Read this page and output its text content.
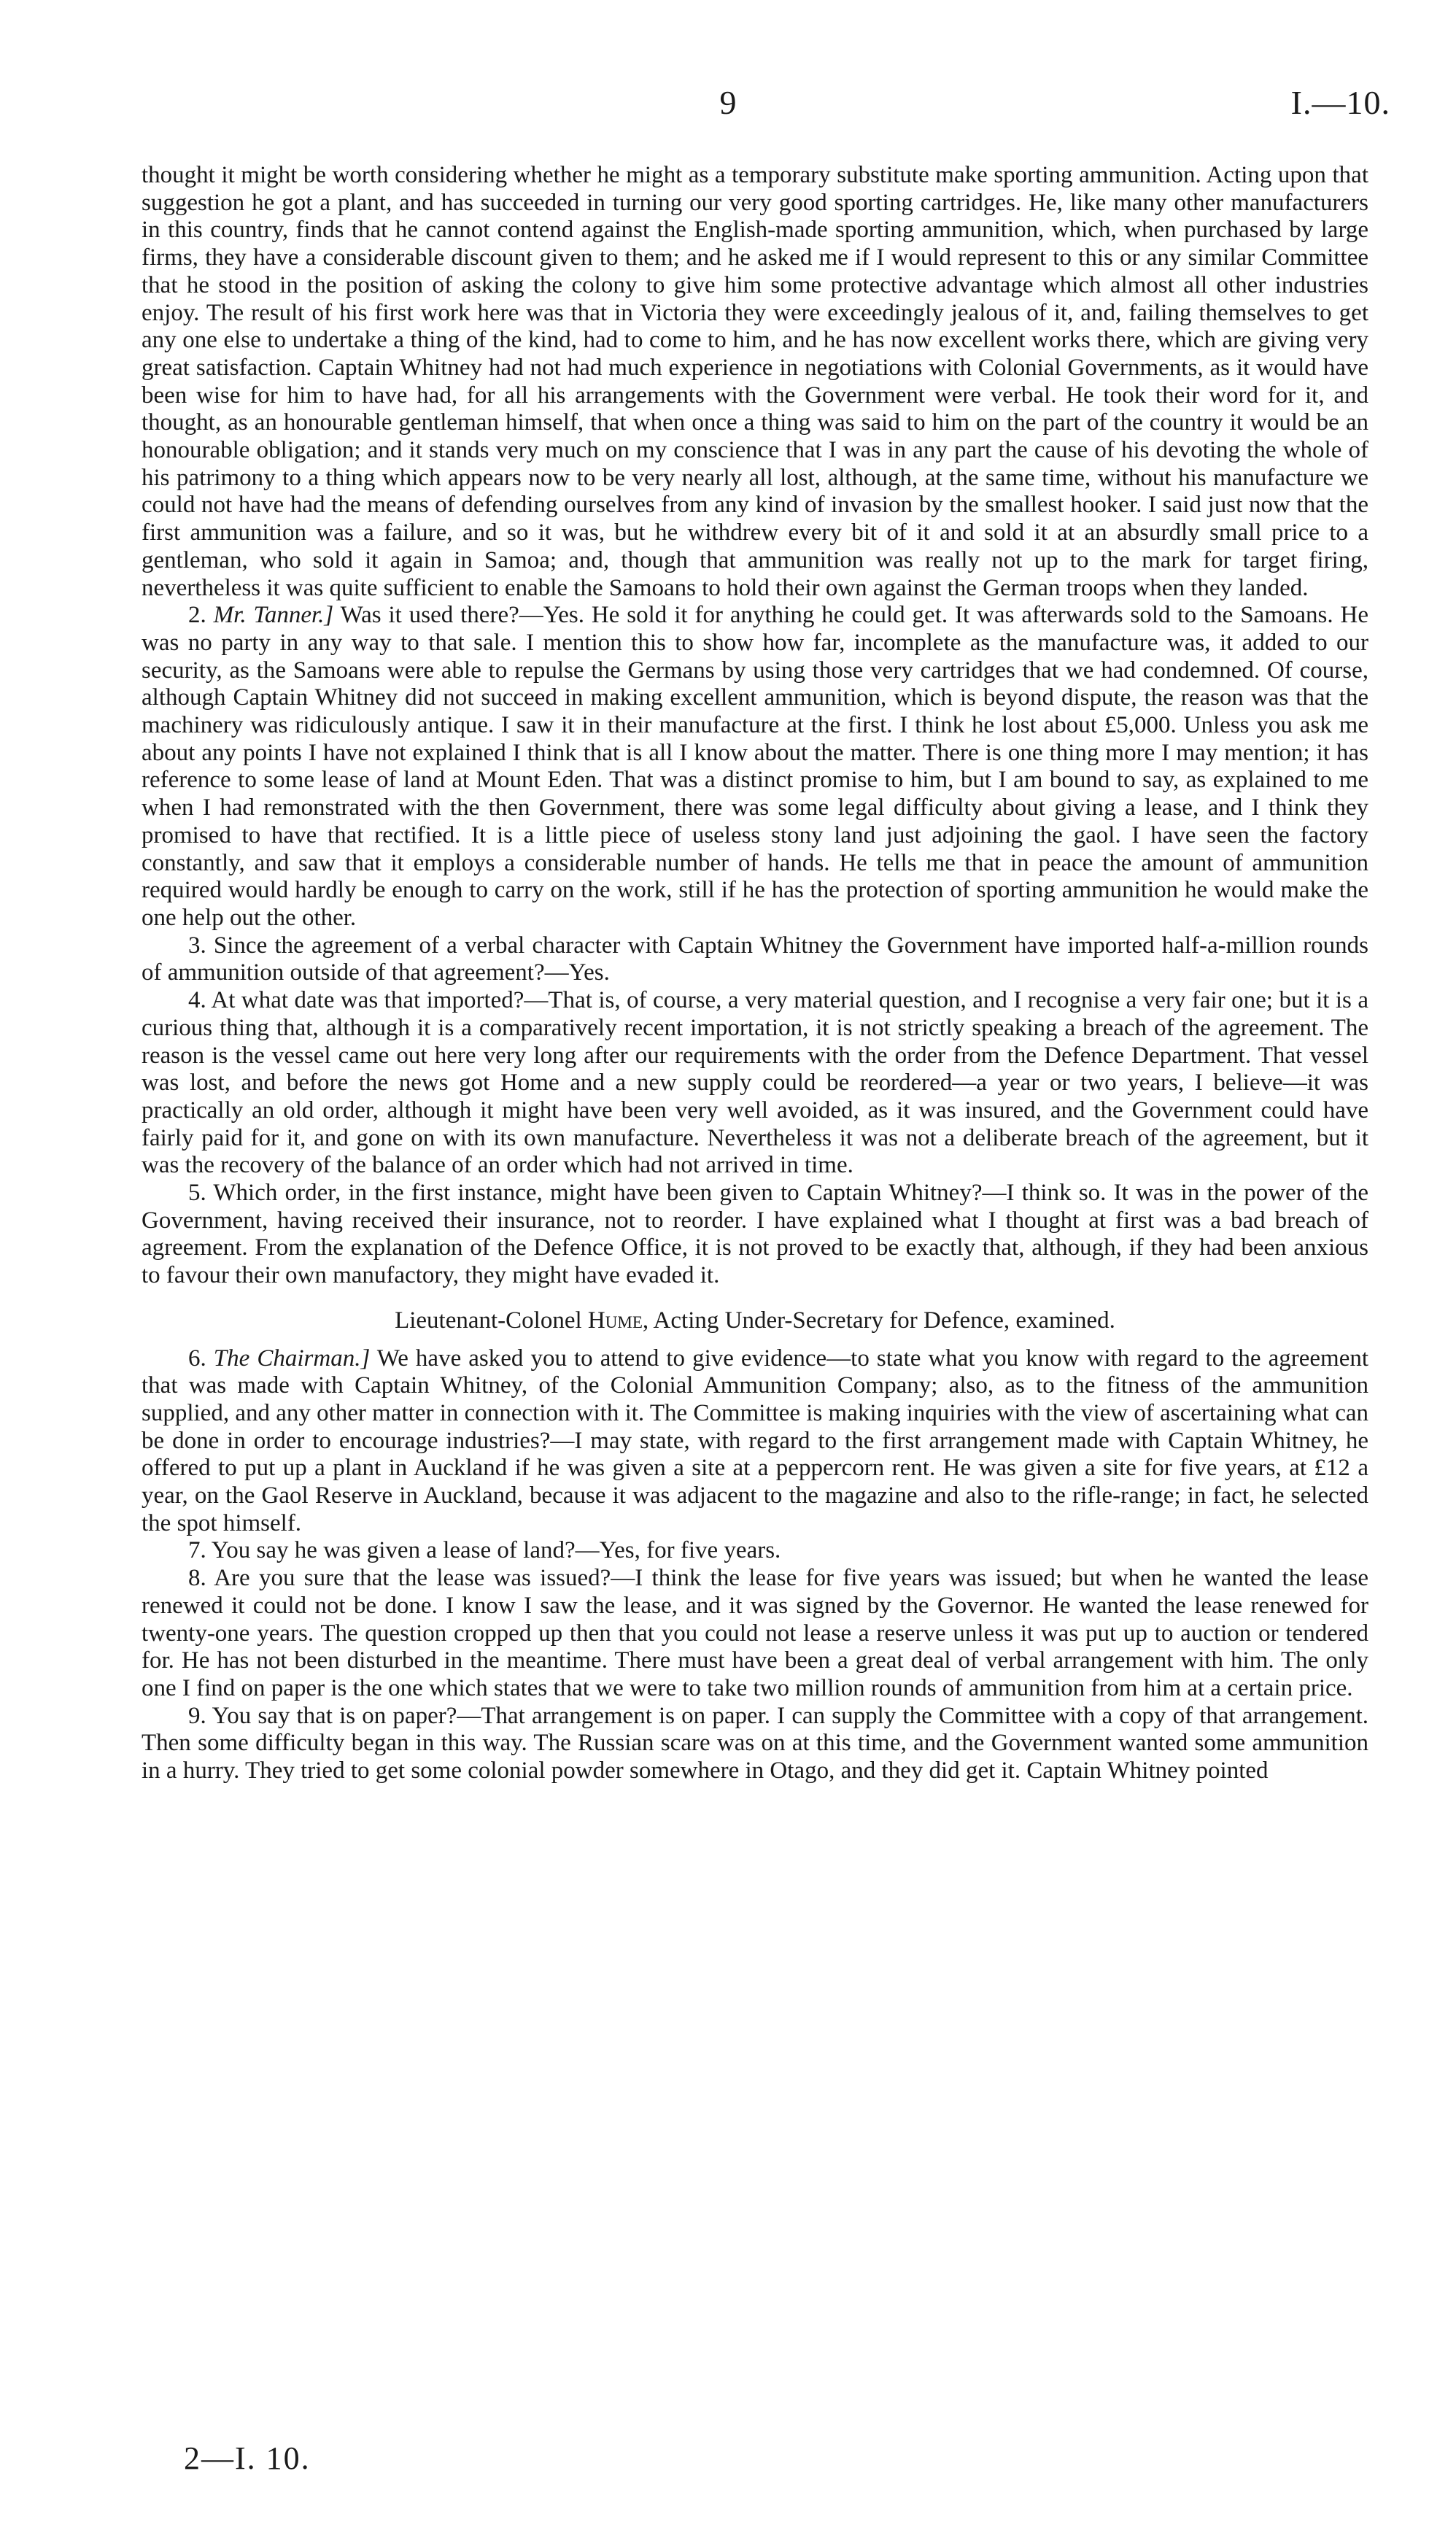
9	I.—10.

thought it might be worth considering whether he might as a temporary substitute make sporting ammunition. Acting upon that suggestion he got a plant, and has succeeded in turning our very good sporting cartridges. He, like many other manufacturers in this country, finds that he cannot contend against the English-made sporting ammunition, which, when purchased by large firms, they have a considerable discount given to them; and he asked me if I would represent to this or any similar Committee that he stood in the position of asking the colony to give him some protective advantage which almost all other industries enjoy. The result of his first work here was that in Victoria they were exceedingly jealous of it, and, failing themselves to get any one else to undertake a thing of the kind, had to come to him, and he has now excellent works there, which are giving very great satisfaction. Captain Whitney had not had much experience in negotiations with Colonial Governments, as it would have been wise for him to have had, for all his arrangements with the Government were verbal. He took their word for it, and thought, as an honourable gentleman himself, that when once a thing was said to him on the part of the country it would be an honourable obligation; and it stands very much on my conscience that I was in any part the cause of his devoting the whole of his patrimony to a thing which appears now to be very nearly all lost, although, at the same time, without his manufacture we could not have had the means of defending ourselves from any kind of invasion by the smallest hooker. I said just now that the first ammunition was a failure, and so it was, but he withdrew every bit of it and sold it at an absurdly small price to a gentleman, who sold it again in Samoa; and, though that ammunition was really not up to the mark for target firing, nevertheless it was quite sufficient to enable the Samoans to hold their own against the German troops when they landed.

2. Mr. Tanner.] Was it used there?—Yes. He sold it for anything he could get. It was afterwards sold to the Samoans. He was no party in any way to that sale. I mention this to show how far, incomplete as the manufacture was, it added to our security, as the Samoans were able to repulse the Germans by using those very cartridges that we had condemned. Of course, although Captain Whitney did not succeed in making excellent ammunition, which is beyond dispute, the reason was that the machinery was ridiculously antique. I saw it in their manufacture at the first. I think he lost about £5,000. Unless you ask me about any points I have not explained I think that is all I know about the matter. There is one thing more I may mention; it has reference to some lease of land at Mount Eden. That was a distinct promise to him, but I am bound to say, as explained to me when I had remonstrated with the then Government, there was some legal difficulty about giving a lease, and I think they promised to have that rectified. It is a little piece of useless stony land just adjoining the gaol. I have seen the factory constantly, and saw that it employs a considerable number of hands. He tells me that in peace the amount of ammunition required would hardly be enough to carry on the work, still if he has the protection of sporting ammunition he would make the one help out the other.

3. Since the agreement of a verbal character with Captain Whitney the Government have imported half-a-million rounds of ammunition outside of that agreement?—Yes.

4. At what date was that imported?—That is, of course, a very material question, and I recognise a very fair one; but it is a curious thing that, although it is a comparatively recent importation, it is not strictly speaking a breach of the agreement. The reason is the vessel came out here very long after our requirements with the order from the Defence Department. That vessel was lost, and before the news got Home and a new supply could be reordered—a year or two years, I believe—it was practically an old order, although it might have been very well avoided, as it was insured, and the Government could have fairly paid for it, and gone on with its own manufacture. Nevertheless it was not a deliberate breach of the agreement, but it was the recovery of the balance of an order which had not arrived in time.

5. Which order, in the first instance, might have been given to Captain Whitney?—I think so. It was in the power of the Government, having received their insurance, not to reorder. I have explained what I thought at first was a bad breach of agreement. From the explanation of the Defence Office, it is not proved to be exactly that, although, if they had been anxious to favour their own manufactory, they might have evaded it.

Lieutenant-Colonel Hume, Acting Under-Secretary for Defence, examined.

6. The Chairman.] We have asked you to attend to give evidence—to state what you know with regard to the agreement that was made with Captain Whitney, of the Colonial Ammunition Company; also, as to the fitness of the ammunition supplied, and any other matter in connection with it. The Committee is making inquiries with the view of ascertaining what can be done in order to encourage industries?—I may state, with regard to the first arrangement made with Captain Whitney, he offered to put up a plant in Auckland if he was given a site at a peppercorn rent. He was given a site for five years, at £12 a year, on the Gaol Reserve in Auckland, because it was adjacent to the magazine and also to the rifle-range; in fact, he selected the spot himself.

7. You say he was given a lease of land?—Yes, for five years.

8. Are you sure that the lease was issued?—I think the lease for five years was issued; but when he wanted the lease renewed it could not be done. I know I saw the lease, and it was signed by the Governor. He wanted the lease renewed for twenty-one years. The question cropped up then that you could not lease a reserve unless it was put up to auction or tendered for. He has not been disturbed in the meantime. There must have been a great deal of verbal arrangement with him. The only one I find on paper is the one which states that we were to take two million rounds of ammunition from him at a certain price.

9. You say that is on paper?—That arrangement is on paper. I can supply the Committee with a copy of that arrangement. Then some difficulty began in this way. The Russian scare was on at this time, and the Government wanted some ammunition in a hurry. They tried to get some colonial powder somewhere in Otago, and they did get it. Captain Whitney pointed

2—I. 10.
